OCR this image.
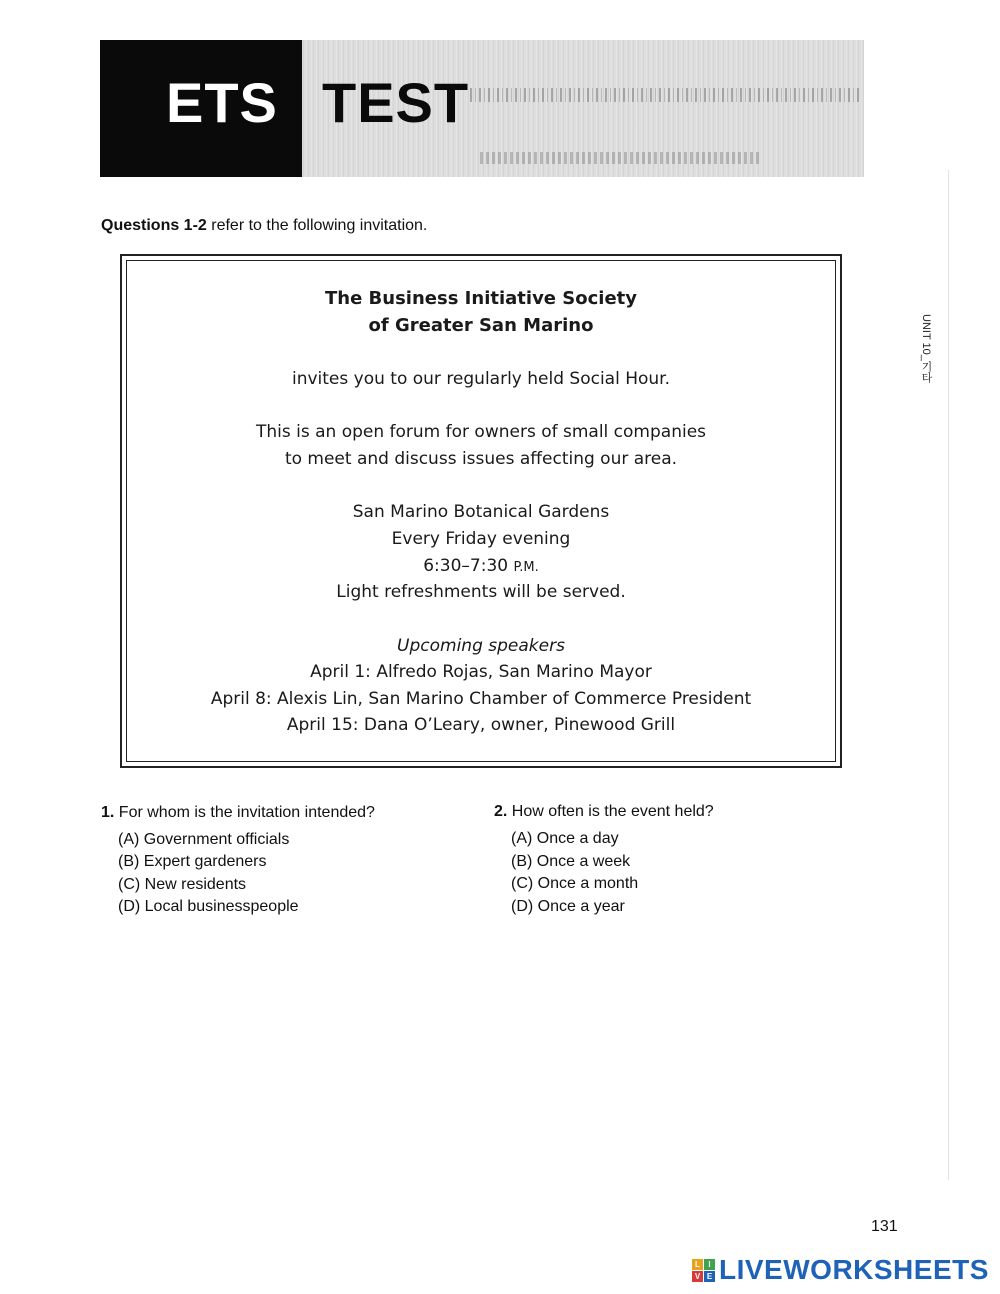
ETS TEST
UNIT 10_기타
Questions 1-2 refer to the following invitation.
The Business Initiative Society
of Greater San Marino
invites you to our regularly held Social Hour.
This is an open forum for owners of small companies
to meet and discuss issues affecting our area.
San Marino Botanical Gardens
Every Friday evening
6:30–7:30 P.M.
Light refreshments will be served.
Upcoming speakers
April 1: Alfredo Rojas, San Marino Mayor
April 8: Alexis Lin, San Marino Chamber of Commerce President
April 15: Dana O’Leary, owner, Pinewood Grill
1. For whom is the invitation intended?
(A) Government officials
(B) Expert gardeners
(C) New residents
(D) Local businesspeople
2. How often is the event held?
(A) Once a day
(B) Once a week
(C) Once a month
(D) Once a year
131
L	I
V E LIVEWORKSHEETS
